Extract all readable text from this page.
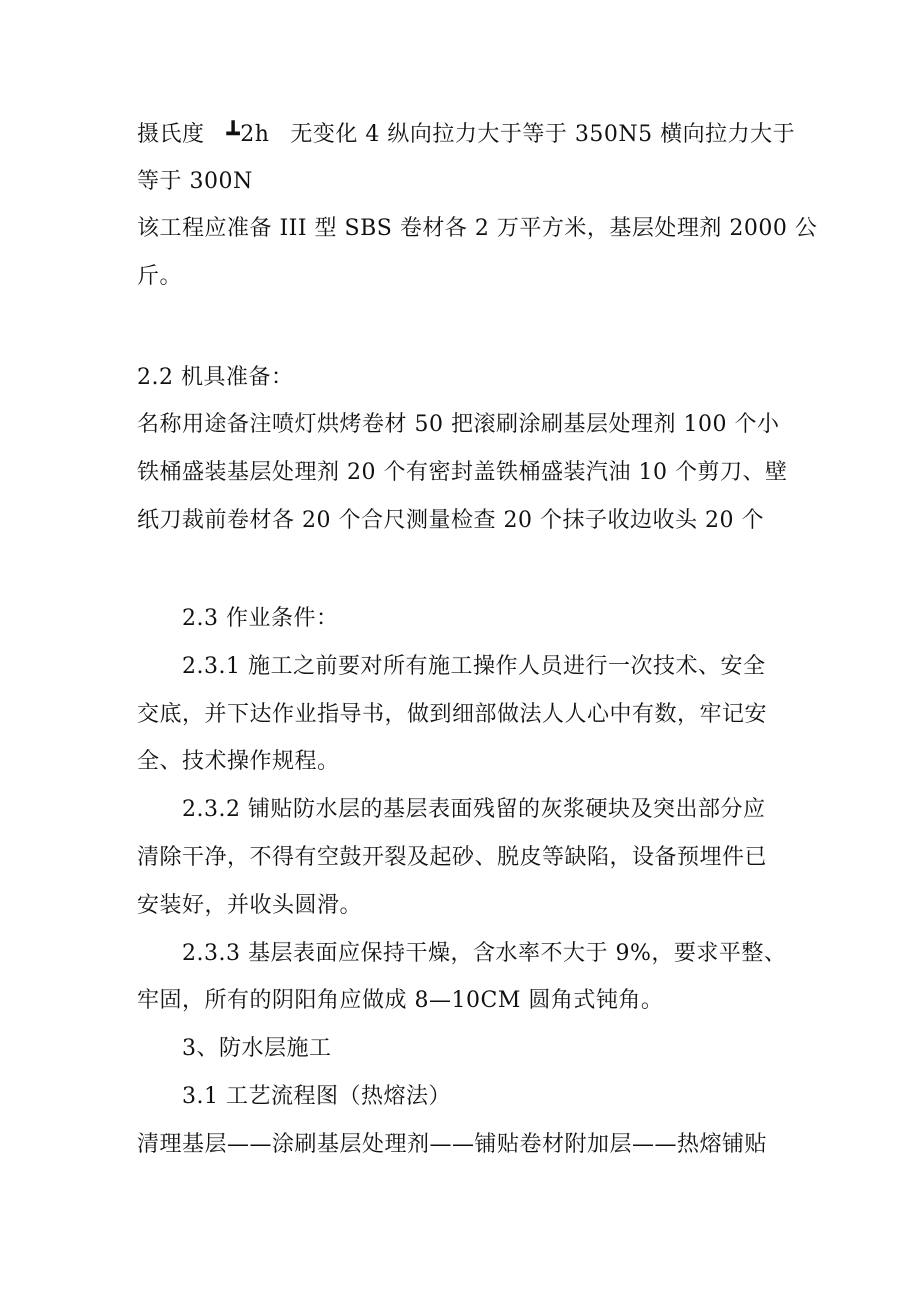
摄氏度 ┻2h  无变化 4 纵向拉力大于等于 350N5 横向拉力大于
等于 300N
该工程应准备 III 型 SBS 卷材各 2 万平方米，基层处理剂 2000 公
斤。
2.2 机具准备：
名称用途备注喷灯烘烤卷材 50 把滚刷涂刷基层处理剂 100 个小
铁桶盛装基层处理剂 20 个有密封盖铁桶盛装汽油 10 个剪刀、壁
纸刀裁前卷材各 20 个合尺测量检查 20 个抹子收边收头 20 个
2.3 作业条件：
2.3.1 施工之前要对所有施工操作人员进行一次技术、安全
交底，并下达作业指导书，做到细部做法人人心中有数，牢记安
全、技术操作规程。
2.3.2 铺贴防水层的基层表面残留的灰浆硬块及突出部分应
清除干净，不得有空鼓开裂及起砂、脱皮等缺陷，设备预埋件已
安装好，并收头圆滑。
2.3.3 基层表面应保持干燥，含水率不大于 9%，要求平整、
牢固，所有的阴阳角应做成 8—10CM 圆角式钝角。
3、防水层施工
3.1 工艺流程图（热熔法）
清理基层——涂刷基层处理剂——铺贴卷材附加层——热熔铺贴
